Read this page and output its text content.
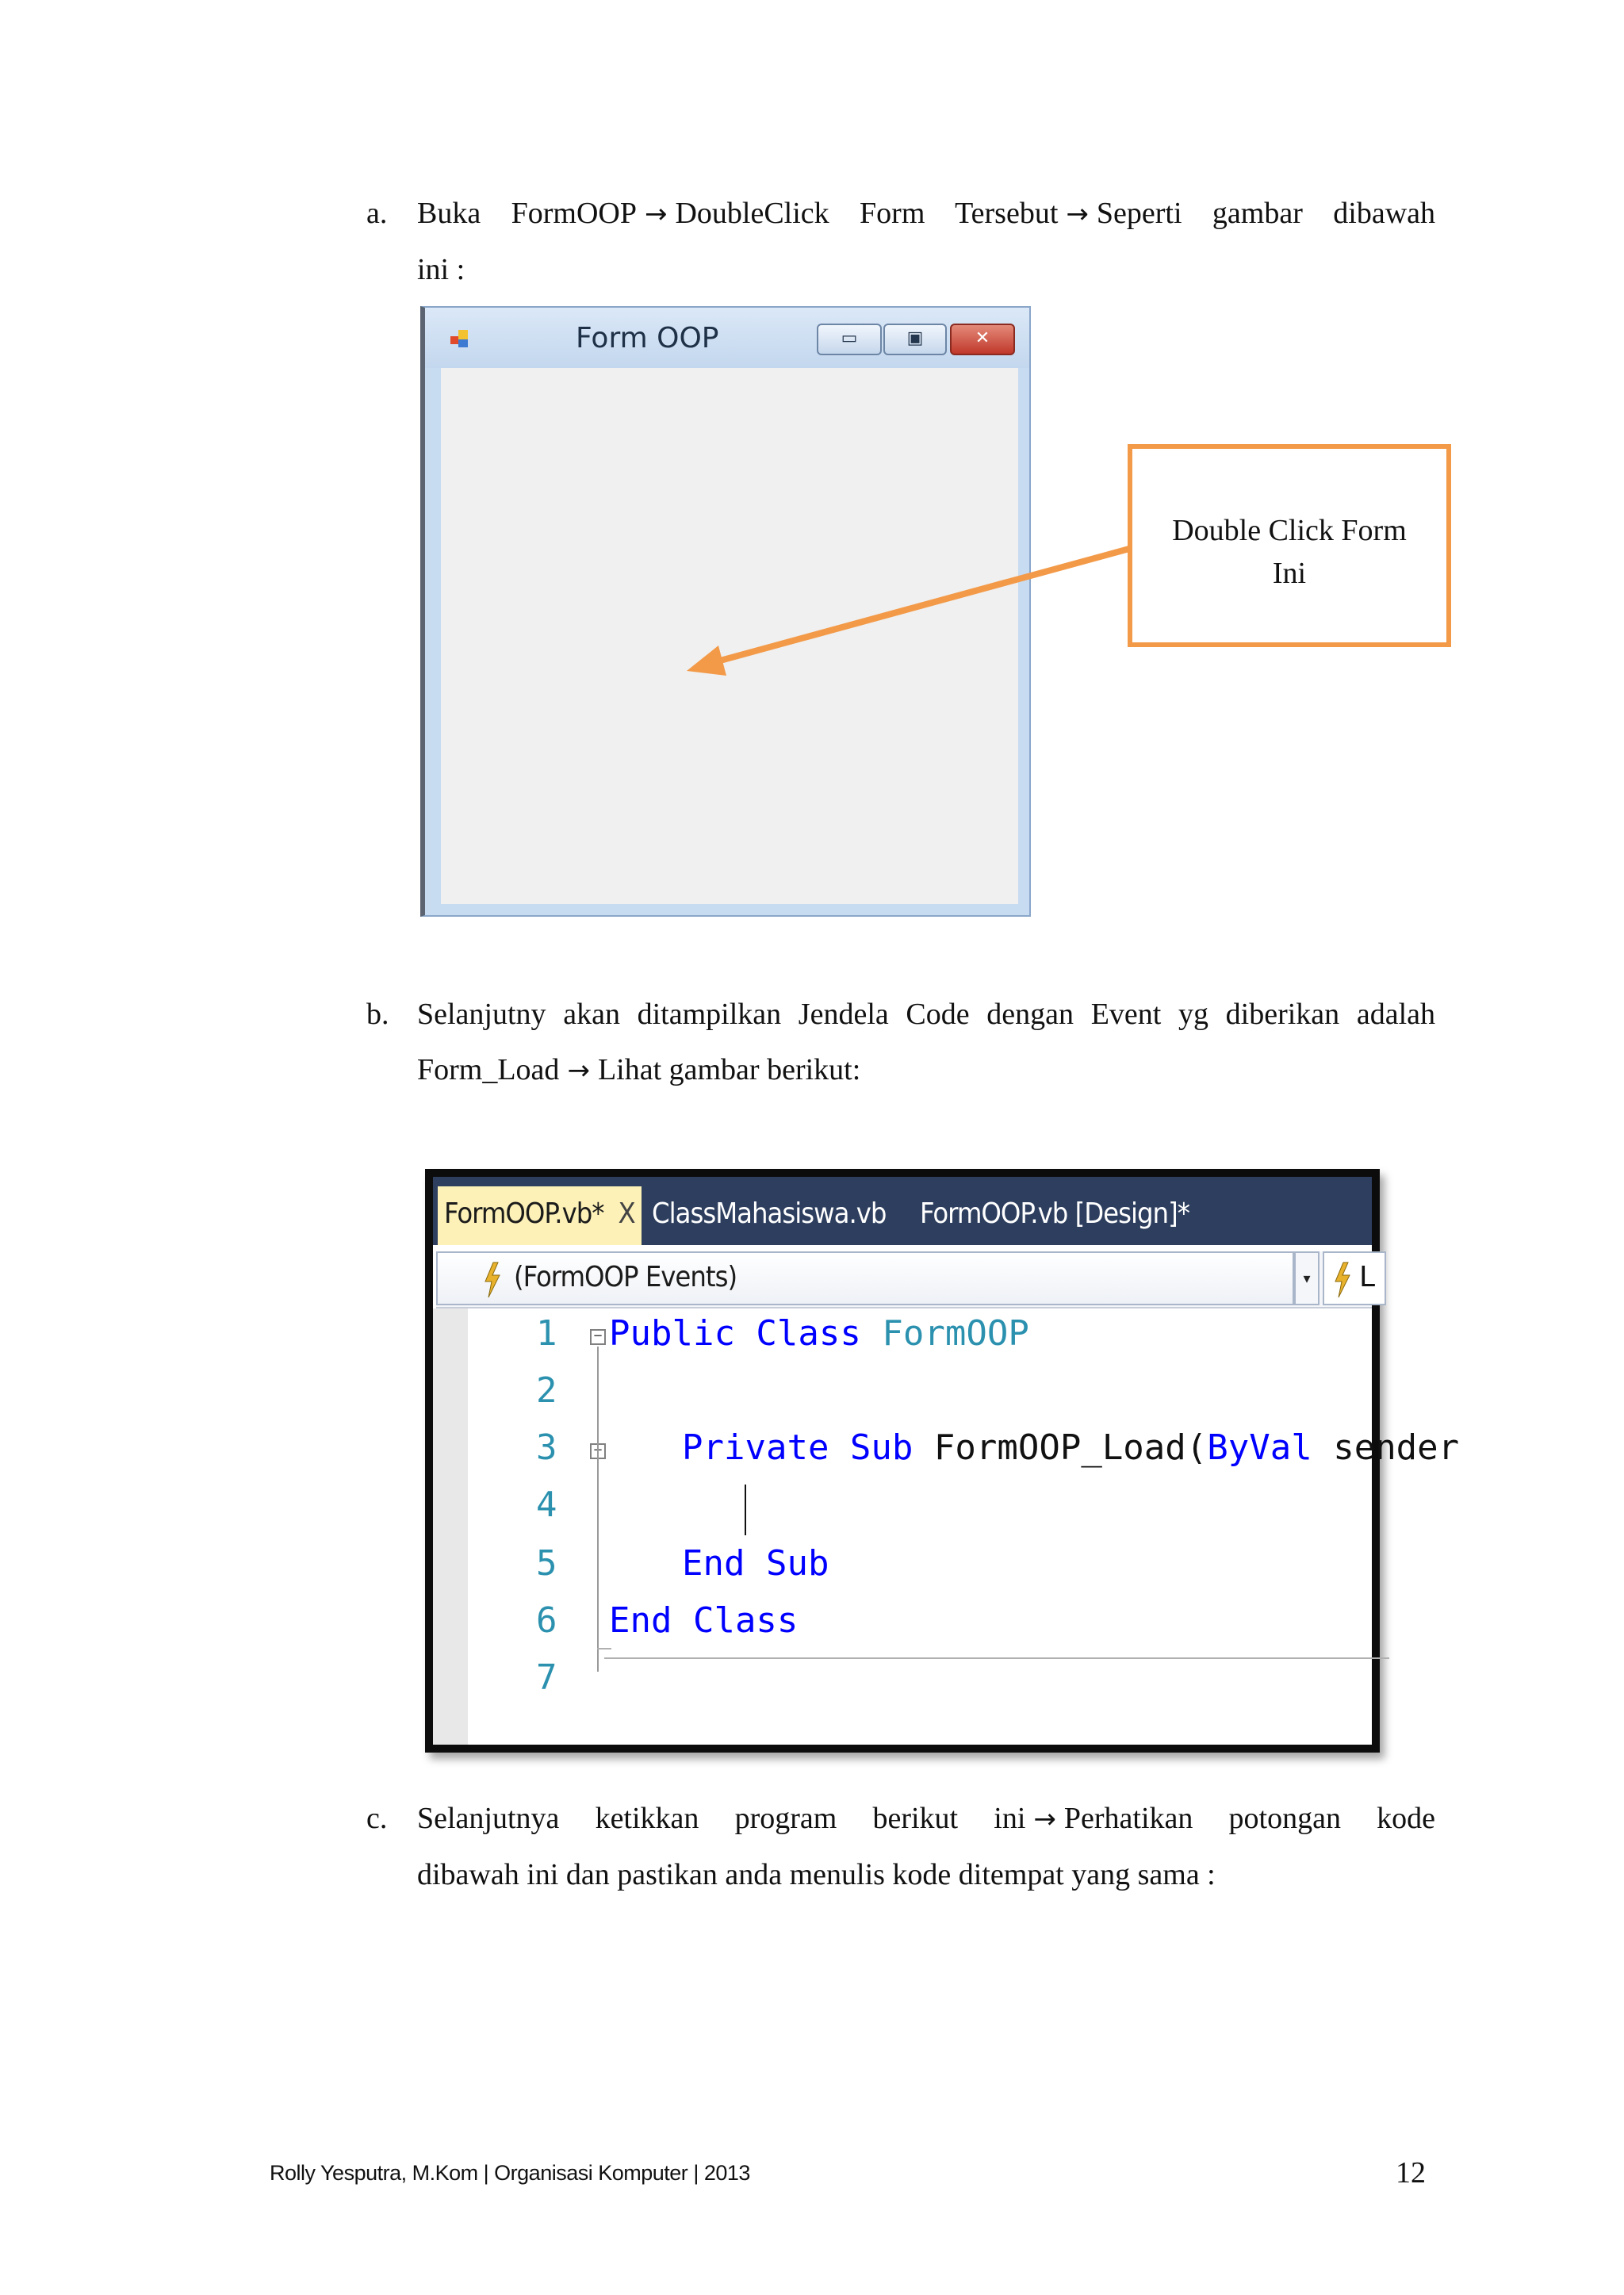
a. Buka FormOOP → DoubleClick Form Tersebut → Seperti gambar dibawah
ini :
Form OOP	▭	▣	✕
Double Click Form
Ini
b. Selanjutny akan ditampilkan Jendela Code dengan Event yg diberikan adalah
Form_Load → Lihat gambar berikut:
FormOOP.vb* X ClassMahasiswa.vb FormOOP.vb [Design]*
(FormOOP Events)	▾	L
1
2
3
4
5
6
7
−
−
Public Class FormOOP
Private Sub FormOOP_Load(ByVal sender
End Sub
End Class
c. Selanjutnya ketikkan program berikut ini → Perhatikan potongan kode
dibawah ini dan pastikan anda menulis kode ditempat yang sama :
Rolly Yesputra, M.Kom | Organisasi Komputer | 2013	12
